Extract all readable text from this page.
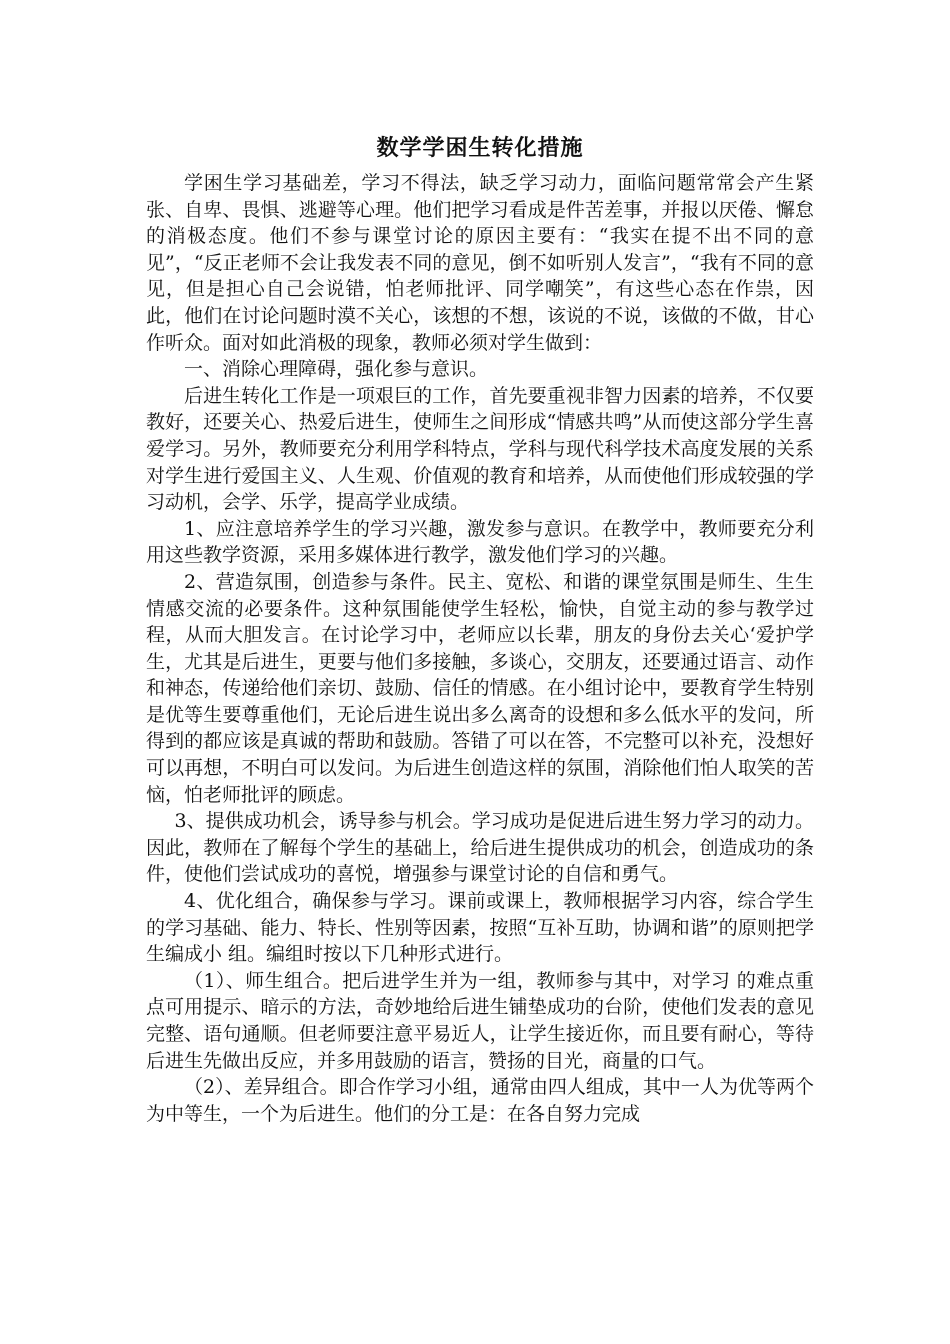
数学学困生转化措施

学困生学习基础差，学习不得法，缺乏学习动力，面临问题常常会产生紧张、自卑、畏惧、逃避等心理。他们把学习看成是件苦差事，并报以厌倦、懈怠的消极态度。他们不参与课堂讨论的原因主要有：“我实在提不出不同的意见”，“反正老师不会让我发表不同的意见，倒不如听别人发言”，“我有不同的意见，但是担心自己会说错，怕老师批评、同学嘲笑”，有这些心态在作祟，因此，他们在讨论问题时漠不关心，该想的不想，该说的不说，该做的不做，甘心作听众。面对如此消极的现象，教师必须对学生做到：

一、消除心理障碍，强化参与意识。

后进生转化工作是一项艰巨的工作，首先要重视非智力因素的培养，不仅要教好，还要关心、热爱后进生，使师生之间形成“情感共鸣”从而使这部分学生喜爱学习。另外，教师要充分利用学科特点，学科与现代科学技术高度发展的关系对学生进行爱国主义、人生观、价值观的教育和培养，从而使他们形成较强的学习动机，会学、乐学，提高学业成绩。

1、应注意培养学生的学习兴趣，激发参与意识。在教学中，教师要充分利用这些教学资源，采用多媒体进行教学，激发他们学习的兴趣。

2、营造氛围，创造参与条件。民主、宽松、和谐的课堂氛围是师生、生生情感交流的必要条件。这种氛围能使学生轻松，愉快，自觉主动的参与教学过程，从而大胆发言。在讨论学习中，老师应以长辈，朋友的身份去关心‘爱护学生，尤其是后进生，更要与他们多接触，多谈心，交朋友，还要通过语言、动作和神态，传递给他们亲切、鼓励、信任的情感。在小组讨论中，要教育学生特别是优等生要尊重他们，无论后进生说出多么离奇的设想和多么低水平的发问，所得到的都应该是真诚的帮助和鼓励。答错了可以在答，不完整可以补充，没想好可以再想，不明白可以发问。为后进生创造这样的氛围，消除他们怕人取笑的苦恼，怕老师批评的顾虑。

3、提供成功机会，诱导参与机会。学习成功是促进后进生努力学习的动力。因此，教师在了解每个学生的基础上，给后进生提供成功的机会，创造成功的条件，使他们尝试成功的喜悦，增强参与课堂讨论的自信和勇气。

4、优化组合，确保参与学习。课前或课上，教师根据学习内容，综合学生的学习基础、能力、特长、性别等因素，按照“互补互助，协调和谐”的原则把学生编成小 组。编组时按以下几种形式进行。

（1）、师生组合。把后进学生并为一组，教师参与其中，对学习 的难点重点可用提示、暗示的方法，奇妙地给后进生铺垫成功的台阶，使他们发表的意见完整、语句通顺。但老师要注意平易近人，让学生接近你，而且要有耐心，等待后进生先做出反应，并多用鼓励的语言，赞扬的目光，商量的口气。

（2）、差异组合。即合作学习小组，通常由四人组成，其中一人为优等两个为中等生，一个为后进生。他们的分工是：在各自努力完成
